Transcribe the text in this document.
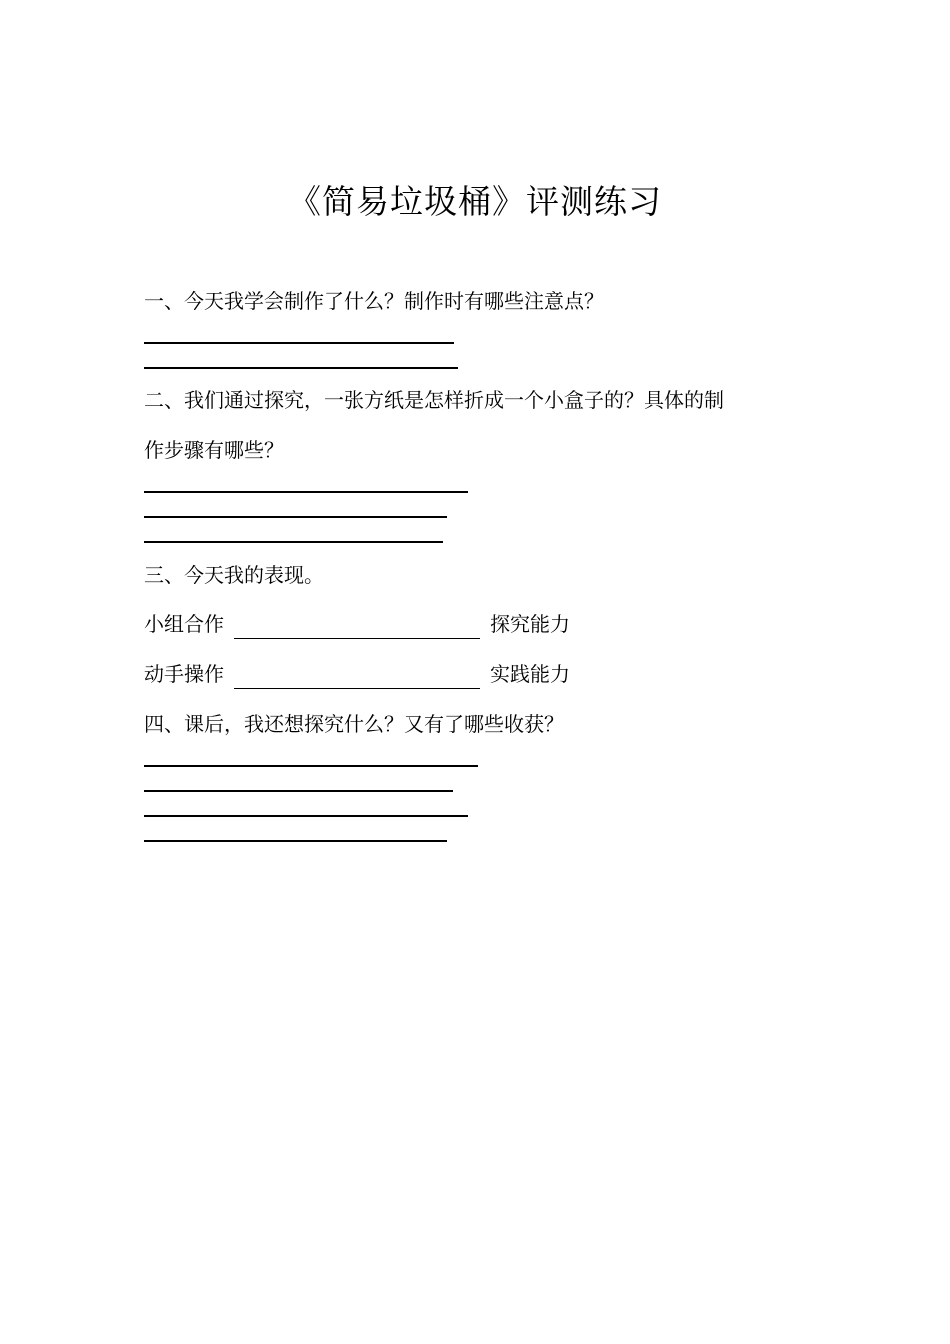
《简易垃圾桶》评测练习
一、今天我学会制作了什么？制作时有哪些注意点？
二、我们通过探究，一张方纸是怎样折成一个小盒子的？具体的制
作步骤有哪些？
三、今天我的表现。
小组合作	探究能力
动手操作	实践能力
四、课后，我还想探究什么？又有了哪些收获？
